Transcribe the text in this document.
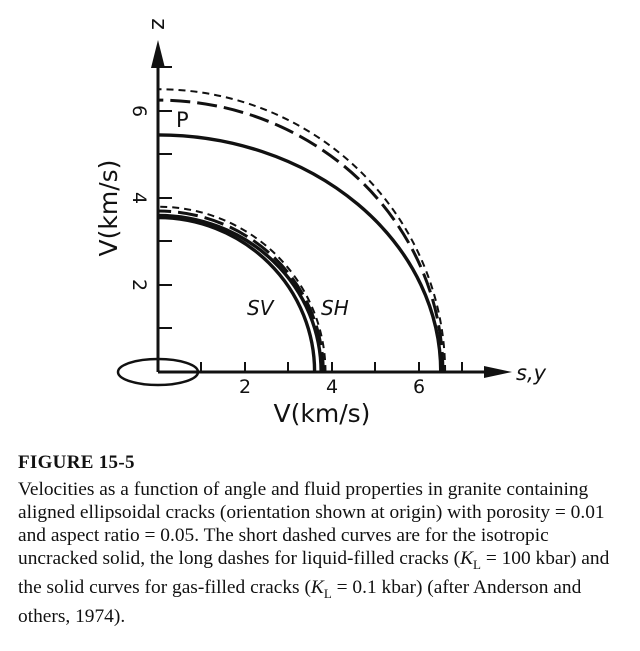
z
s,y
2
4
6
2	4	6
V(km/s)
V(km/s)
P
SV SH

FIGURE 15-5

Velocities as a function of angle and fluid properties in granite containing aligned ellipsoidal cracks (orientation shown at origin) with porosity = 0.01 and aspect ratio = 0.05. The short dashed curves are for the isotropic uncracked solid, the long dashes for liquid-filled cracks ($K_L = 100$ kbar) and the solid curves for gas-filled cracks ($K_L = 0.1$ kbar) (after Anderson and others, 1974).
